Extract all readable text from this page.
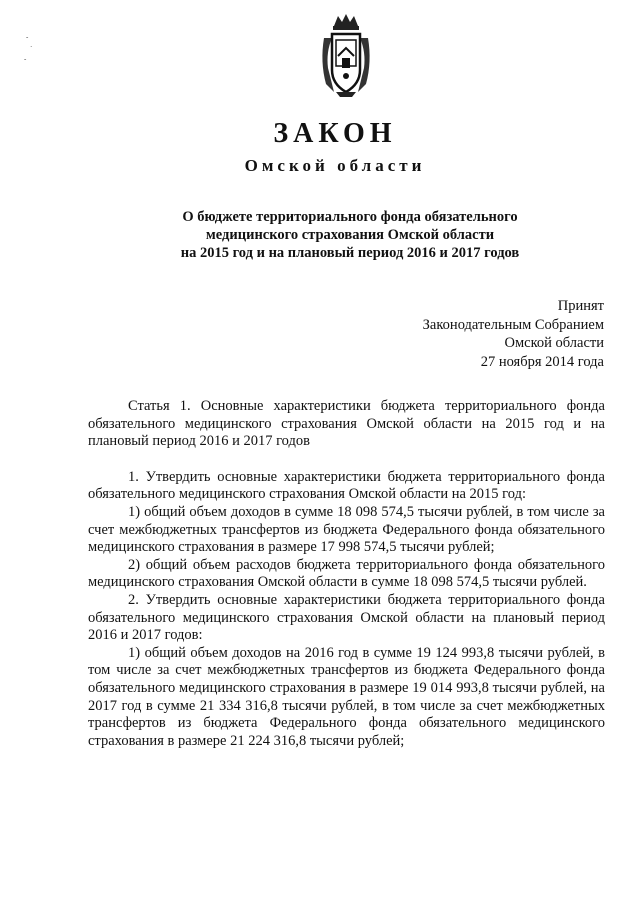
-
·
-
ЗАКОН
Омской области
О бюджете территориального фонда обязательного
медицинского страхования Омской области
на 2015 год и на плановый период 2016 и 2017 годов
Принят
Законодательным Собранием
Омской области
27 ноября 2014 года

Статья 1. Основные характеристики бюджета территориального фонда обязательного медицинского страхования Омской области на 2015 год и на плановый период 2016 и 2017 годов

1. Утвердить основные характеристики бюджета территориального фонда обязательного медицинского страхования Омской области на 2015 год:

1) общий объем доходов в сумме 18 098 574,5 тысячи рублей, в том числе за счет межбюджетных трансфертов из бюджета Федерального фонда обязательного медицинского страхования в размере 17 998 574,5 тысячи рублей;

2) общий объем расходов бюджета территориального фонда обязательного медицинского страхования Омской области в сумме 18 098 574,5 тысячи рублей.

2. Утвердить основные характеристики бюджета территориального фонда обязательного медицинского страхования Омской области на плановый период 2016 и 2017 годов:

1) общий объем доходов на 2016 год в сумме 19 124 993,8 тысячи рублей, в том числе за счет межбюджетных трансфертов из бюджета Федерального фонда обязательного медицинского страхования в размере 19 014 993,8 тысячи рублей, на 2017 год в сумме 21 334 316,8 тысячи рублей, в том числе за счет межбюджетных трансфертов из бюджета Федерального фонда обязательного медицинского страхования в размере 21 224 316,8 тысячи рублей;
